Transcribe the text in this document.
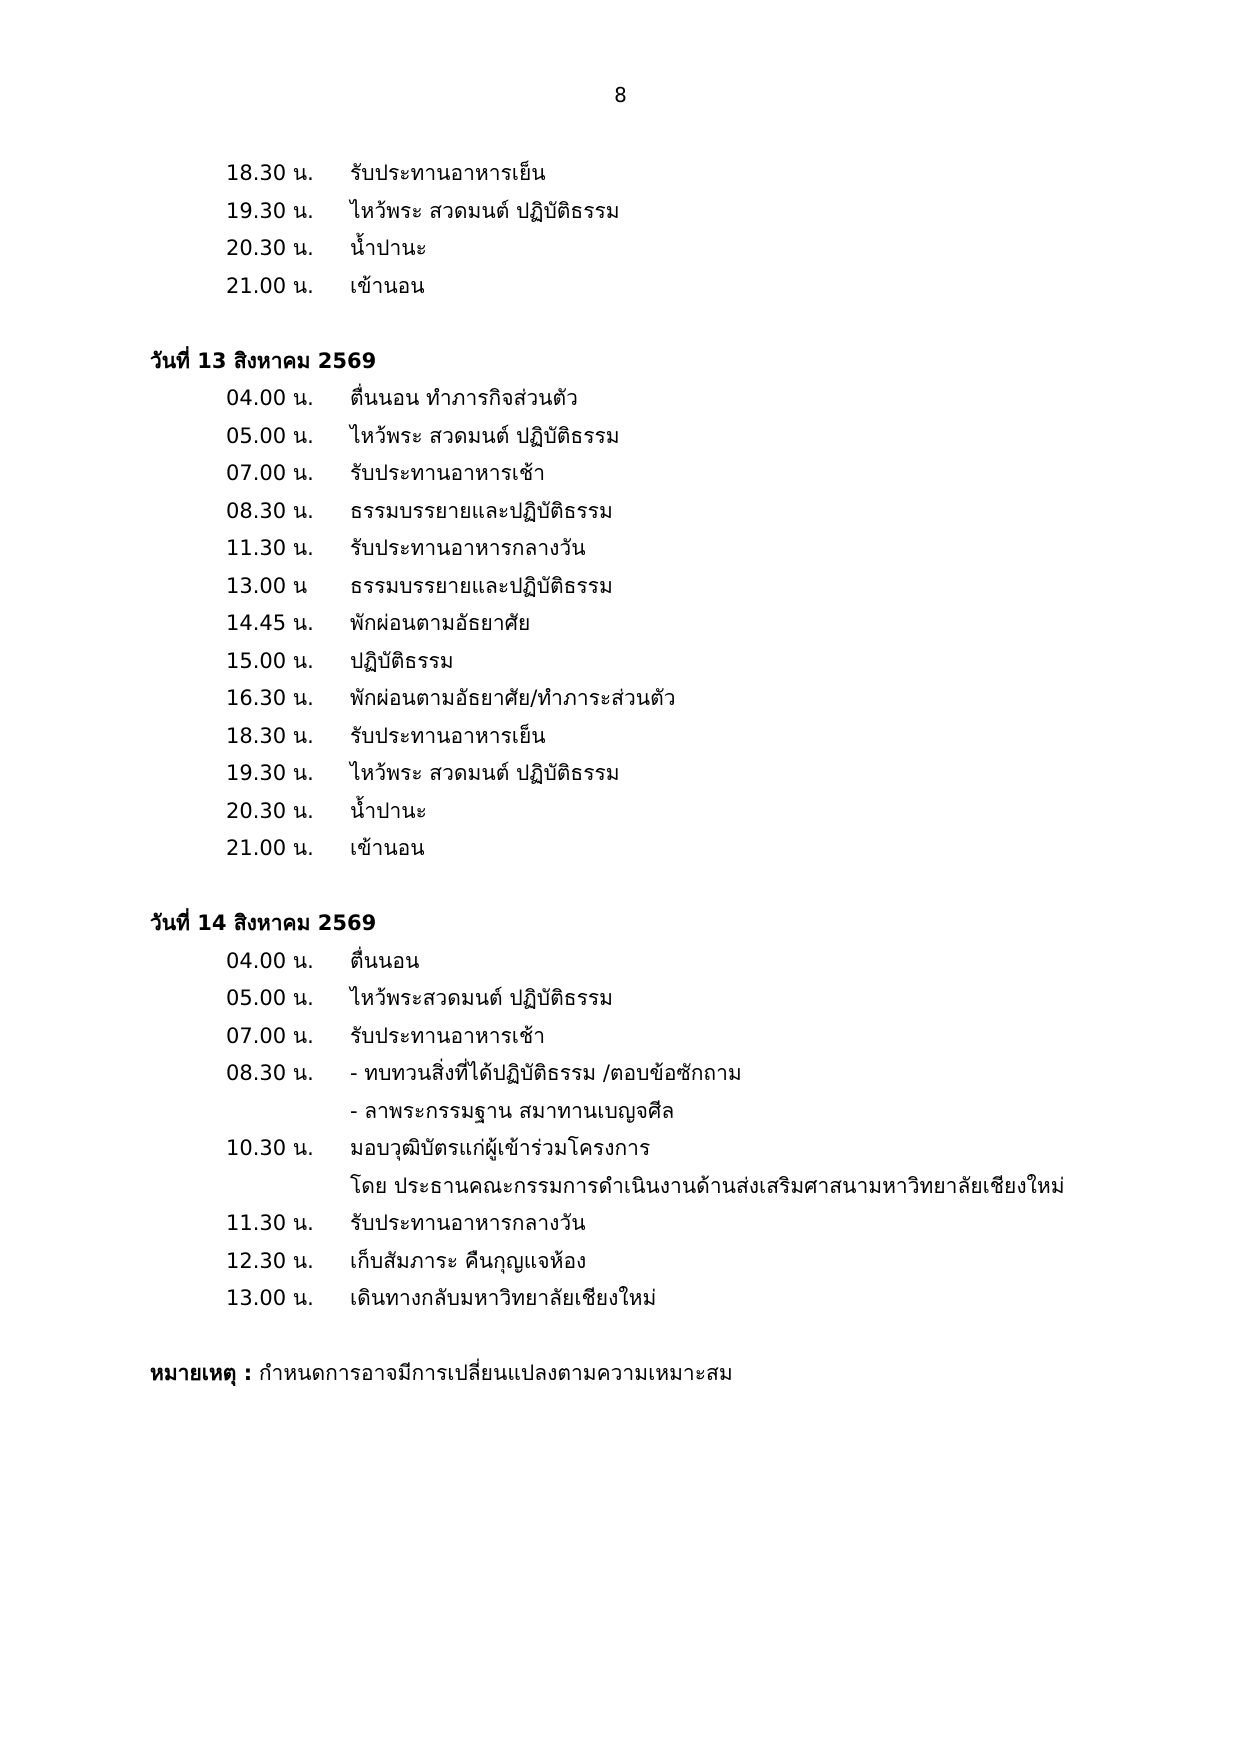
8
18.30 น.	รับประทานอาหารเย็น
19.30 น.	ไหว้พระ สวดมนต์ ปฏิบัติธรรม
20.30 น.	น้ำปานะ
21.00 น.	เข้านอน
วันที่ 13 สิงหาคม 2569
04.00 น.	ตื่นนอน ทำภารกิจส่วนตัว
05.00 น.	ไหว้พระ สวดมนต์ ปฏิบัติธรรม
07.00 น.	รับประทานอาหารเช้า
08.30 น.	ธรรมบรรยายและปฏิบัติธรรม
11.30 น.	รับประทานอาหารกลางวัน
13.00 น	ธรรมบรรยายและปฏิบัติธรรม
14.45 น.	พักผ่อนตามอัธยาศัย
15.00 น.	ปฏิบัติธรรม
16.30 น.	พักผ่อนตามอัธยาศัย/ทำภาระส่วนตัว
18.30 น.	รับประทานอาหารเย็น
19.30 น.	ไหว้พระ สวดมนต์ ปฏิบัติธรรม
20.30 น.	น้ำปานะ
21.00 น.	เข้านอน
วันที่ 14 สิงหาคม 2569
04.00 น.	ตื่นนอน
05.00 น.	ไหว้พระสวดมนต์ ปฏิบัติธรรม
07.00 น.	รับประทานอาหารเช้า
08.30 น.	- ทบทวนสิ่งที่ได้ปฏิบัติธรรม /ตอบข้อซักถาม
- ลาพระกรรมฐาน สมาทานเบญจศีล
10.30 น.	มอบวุฒิบัตรแก่ผู้เข้าร่วมโครงการ
โดย ประธานคณะกรรมการดำเนินงานด้านส่งเสริมศาสนามหาวิทยาลัยเชียงใหม่
11.30 น.	รับประทานอาหารกลางวัน
12.30 น.	เก็บสัมภาระ คืนกุญแจห้อง
13.00 น.	เดินทางกลับมหาวิทยาลัยเชียงใหม่
หมายเหตุ : กำหนดการอาจมีการเปลี่ยนแปลงตามความเหมาะสม
